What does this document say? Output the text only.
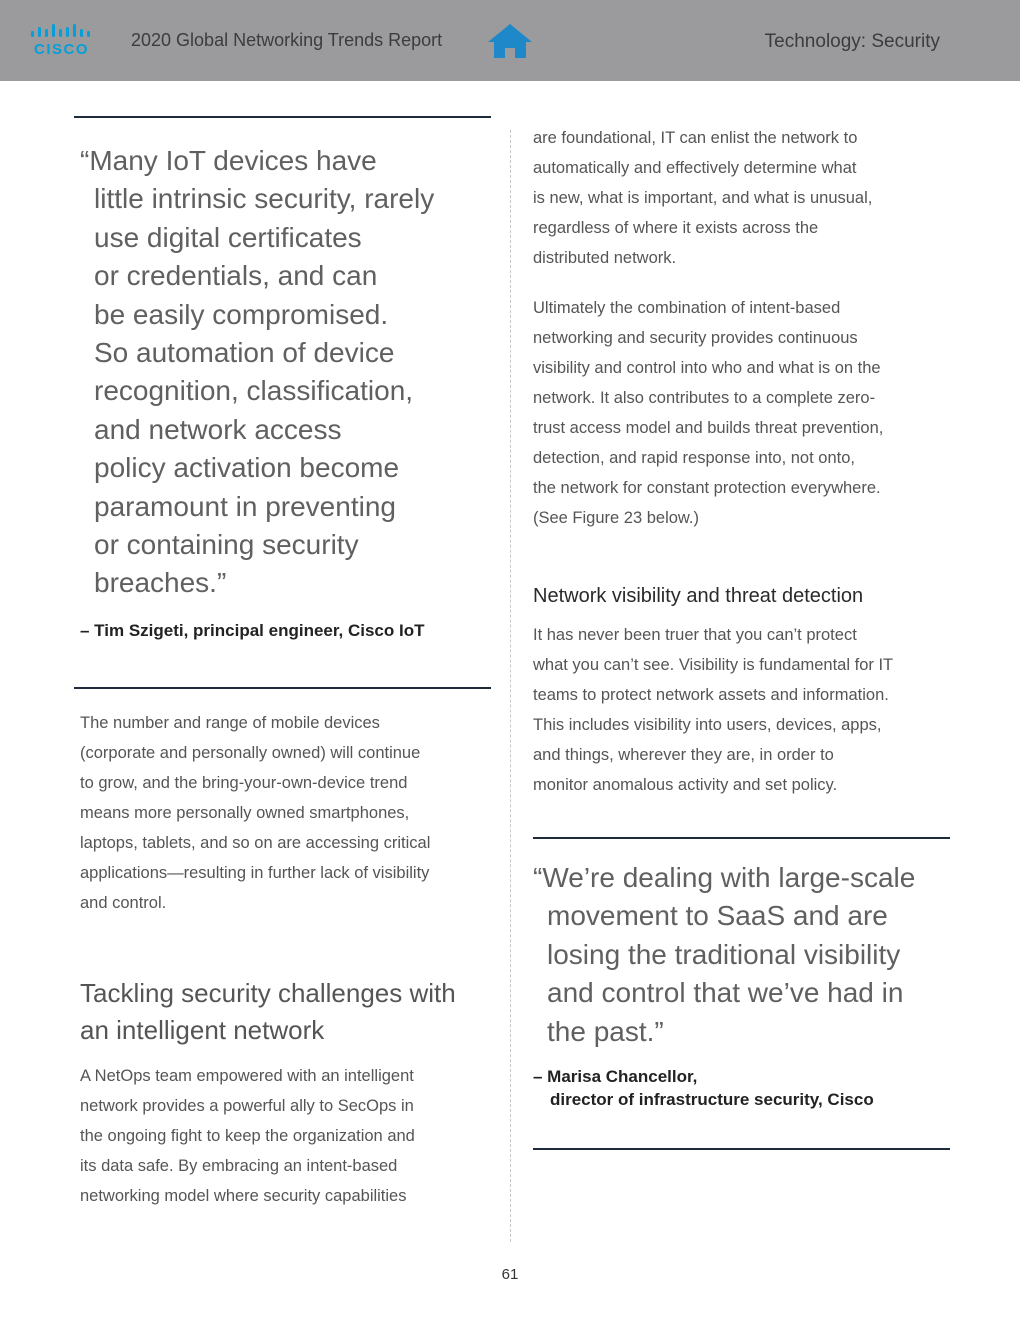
CISCO 2020 Global Networking Trends Report	Technology: Security
“Many IoT devices have
little intrinsic security, rarely
use digital certificates
or credentials, and can
be easily compromised.
So automation of device
recognition, classification,
and network access
policy activation become
paramount in preventing
or containing security
breaches.”
– Tim Szigeti, principal engineer, Cisco IoT
The number and range of mobile devices
(corporate and personally owned) will continue
to grow, and the bring-your-own-device trend
means more personally owned smartphones,
laptops, tablets, and so on are accessing critical
applications—resulting in further lack of visibility
and control.
Tackling security challenges with
an intelligent network
A NetOps team empowered with an intelligent
network provides a powerful ally to SecOps in
the ongoing fight to keep the organization and
its data safe. By embracing an intent-based
networking model where security capabilities
are foundational, IT can enlist the network to
automatically and effectively determine what
is new, what is important, and what is unusual,
regardless of where it exists across the
distributed network.
Ultimately the combination of intent-based
networking and security provides continuous
visibility and control into who and what is on the
network. It also contributes to a complete zero-
trust access model and builds threat prevention,
detection, and rapid response into, not onto,
the network for constant protection everywhere.
(See Figure 23 below.)
Network visibility and threat detection
It has never been truer that you can’t protect
what you can’t see. Visibility is fundamental for IT
teams to protect network assets and information.
This includes visibility into users, devices, apps,
and things, wherever they are, in order to
monitor anomalous activity and set policy.
“We’re dealing with large-scale
movement to SaaS and are
losing the traditional visibility
and control that we’ve had in
the past.”
– Marisa Chancellor,
director of infrastructure security, Cisco
61
